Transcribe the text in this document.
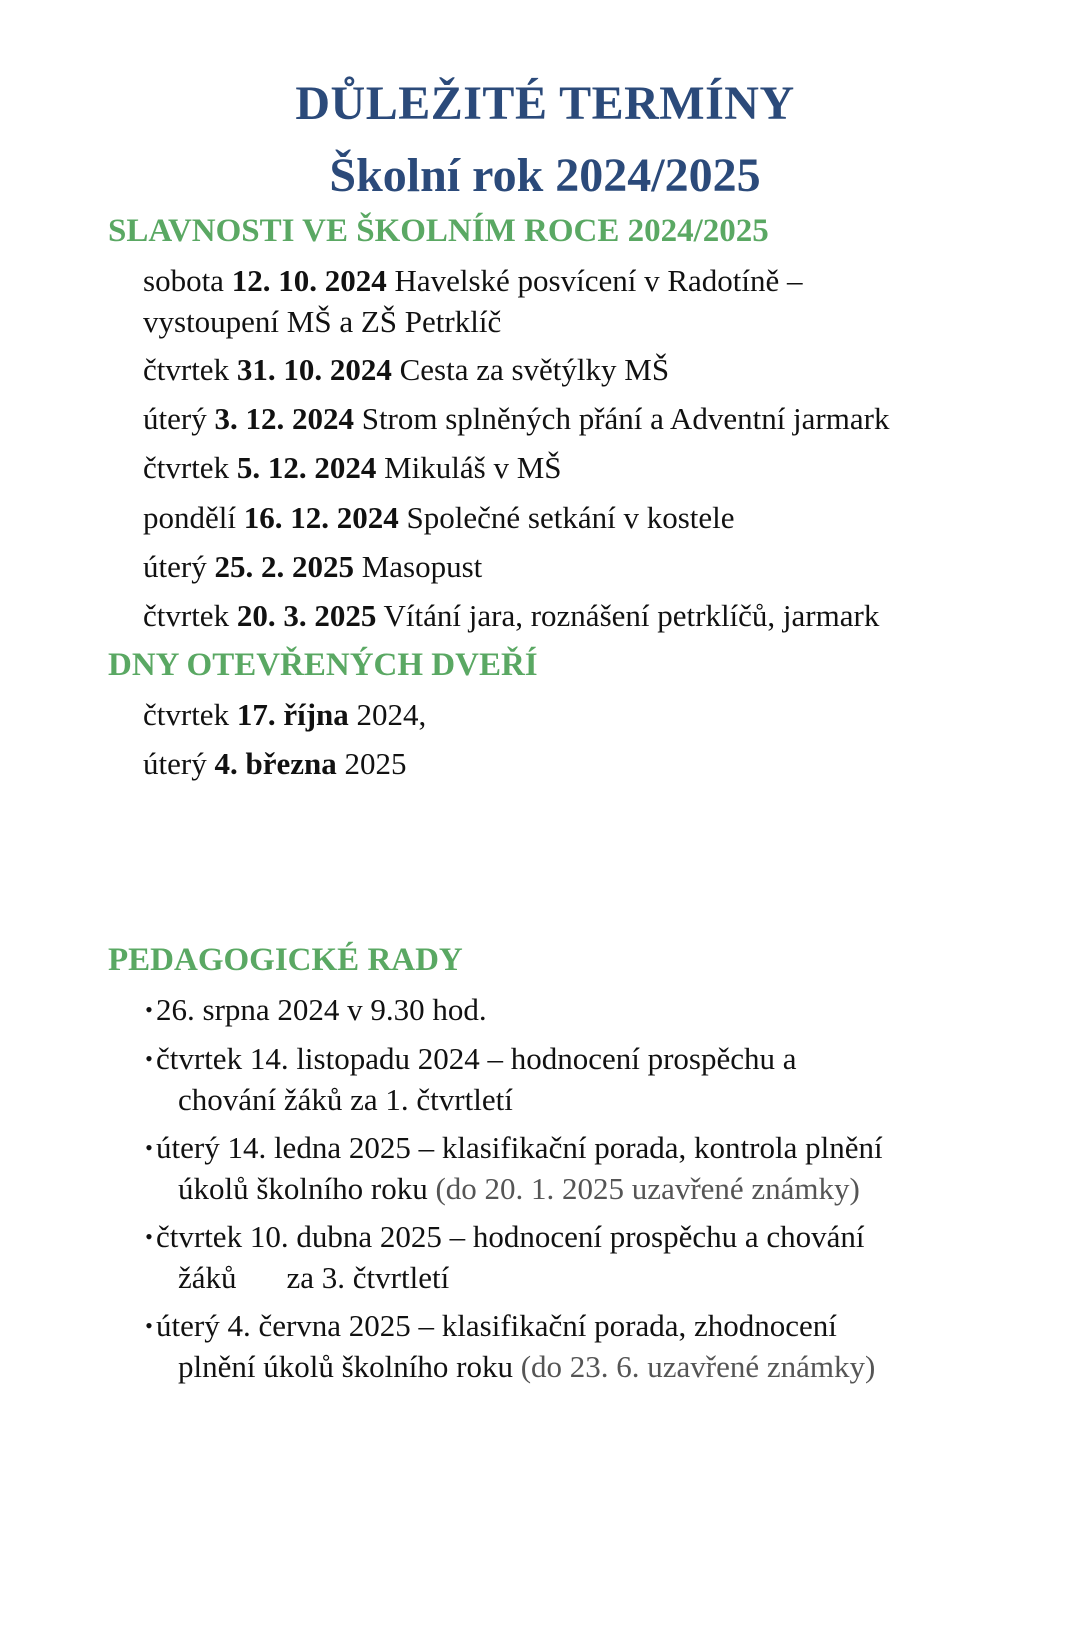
DŮLEŽITÉ TERMÍNY
Školní rok 2024/2025
SLAVNOSTI VE ŠKOLNÍM ROCE 2024/2025
sobota 12. 10. 2024 Havelské posvícení v Radotíně –
vystoupení MŠ a ZŠ Petrklíč
čtvrtek 31. 10. 2024 Cesta za světýlky MŠ
úterý 3. 12. 2024 Strom splněných přání a Adventní jarmark
čtvrtek 5. 12. 2024 Mikuláš v MŠ
pondělí 16. 12. 2024 Společné setkání v kostele
úterý 25. 2. 2025 Masopust
čtvrtek 20. 3. 2025 Vítání jara, roznášení petrklíčů, jarmark
DNY OTEVŘENÝCH DVEŘÍ
čtvrtek 17. října 2024,
úterý 4. března 2025
PEDAGOGICKÉ RADY
• 26. srpna 2024 v 9.30 hod.
• čtvrtek 14. listopadu 2024 – hodnocení prospěchu a
chování žáků za 1. čtvrtletí
• úterý 14. ledna 2025 – klasifikační porada, kontrola plnění
úkolů školního roku (do 20. 1. 2025 uzavřené známky)
• čtvrtek 10. dubna 2025 – hodnocení prospěchu a chování
žáků za 3. čtvrtletí
• úterý 4. června 2025 – klasifikační porada, zhodnocení
plnění úkolů školního roku (do 23. 6. uzavřené známky)
